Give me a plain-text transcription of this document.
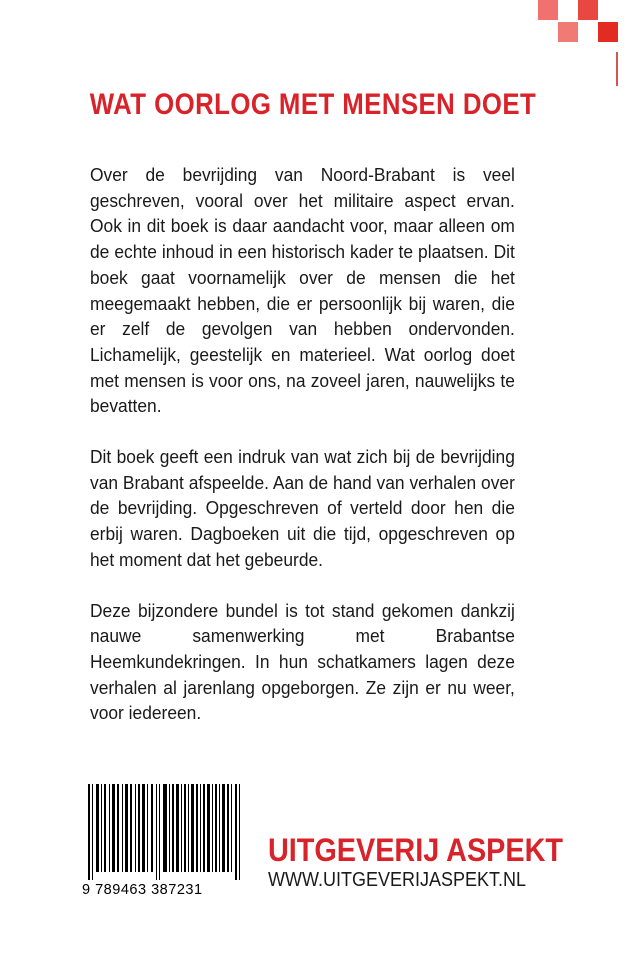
WAT OORLOG MET MENSEN DOET

Over de bevrijding van Noord-Brabant is veel geschreven, vooral over het militaire aspect ervan. Ook in dit boek is daar aandacht voor, maar alleen om de echte inhoud in een historisch kader te plaatsen. Dit boek gaat voornamelijk over de mensen die het meegemaakt hebben, die er persoonlijk bij waren, die er zelf de gevolgen van hebben ondervonden. Lichamelijk, geestelijk en materieel. Wat oorlog doet met mensen is voor ons, na zoveel jaren, nauwelijks te bevatten.

Dit boek geeft een indruk van wat zich bij de bevrijding van Brabant afspeelde. Aan de hand van verhalen over de bevrijding. Opgeschreven of verteld door hen die erbij waren. Dagboeken uit die tijd, opgeschreven op het moment dat het gebeurde.

Deze bijzondere bundel is tot stand gekomen dankzij nauwe samenwerking met Brabantse Heemkundekringen. In hun schatkamers lagen deze verhalen al jarenlang opgeborgen. Ze zijn er nu weer, voor iedereen.

9 789463 387231
UITGEVERIJ ASPEKT
WWW.UITGEVERIJASPEKT.NL
